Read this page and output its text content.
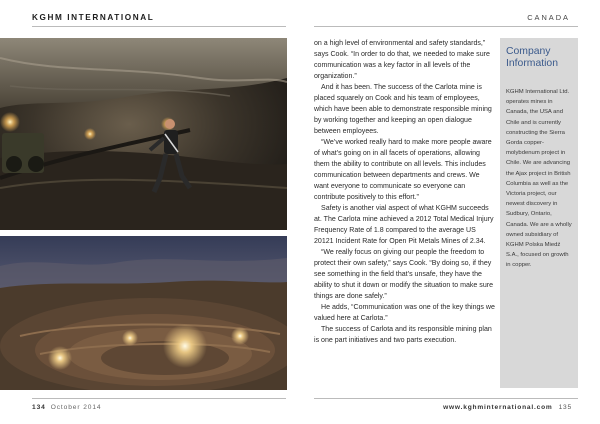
KGHM INTERNATIONAL	CANADA

on a high level of environmental and safety standards,” says Cook. “In order to do that, we needed to make sure communication was a key factor in all levels of the organization.”

And it has been. The success of the Carlota mine is placed squarely on Cook and his team of employees, which have been able to demonstrate responsible mining by working together and keeping an open dialogue between employees.

“We’ve worked really hard to make more people aware of what’s going on in all facets of operations, allowing them the ability to contribute on all levels. This includes communication between departments and crews. We want everyone to communicate so everyone can contribute positively to this effort.”

Safety is another vial aspect of what KGHM succeeds at. The Carlota mine achieved a 2012 Total Medical Injury Frequency Rate of 1.8 compared to the average US 20121 Incident Rate for Open Pit Metals Mines of 2.34.

“We really focus on giving our people the freedom to protect their own safety,” says Cook. “By doing so, if they see something in the field that’s unsafe, they have the ability to shut it down or modify the situation to make sure things are done safely.”

He adds, “Communication was one of the key things we valued here at Carlota.”

The success of Carlota and its responsible mining plan is one part initiatives and two parts execution.

Company Information

KGHM International Ltd. operates mines in Canada, the USA and Chile and is currently constructing the Sierra Gorda copper-molybdenum project in Chile. We are advancing the Ajax project in British Columbia as well as the Victoria project, our newest discovery in Sudbury, Ontario, Canada. We are a wholly owned subsidiary of KGHM Polska Miedź S.A., focused on growth in copper.

134 October 2014	www.kghminternational.com 135
